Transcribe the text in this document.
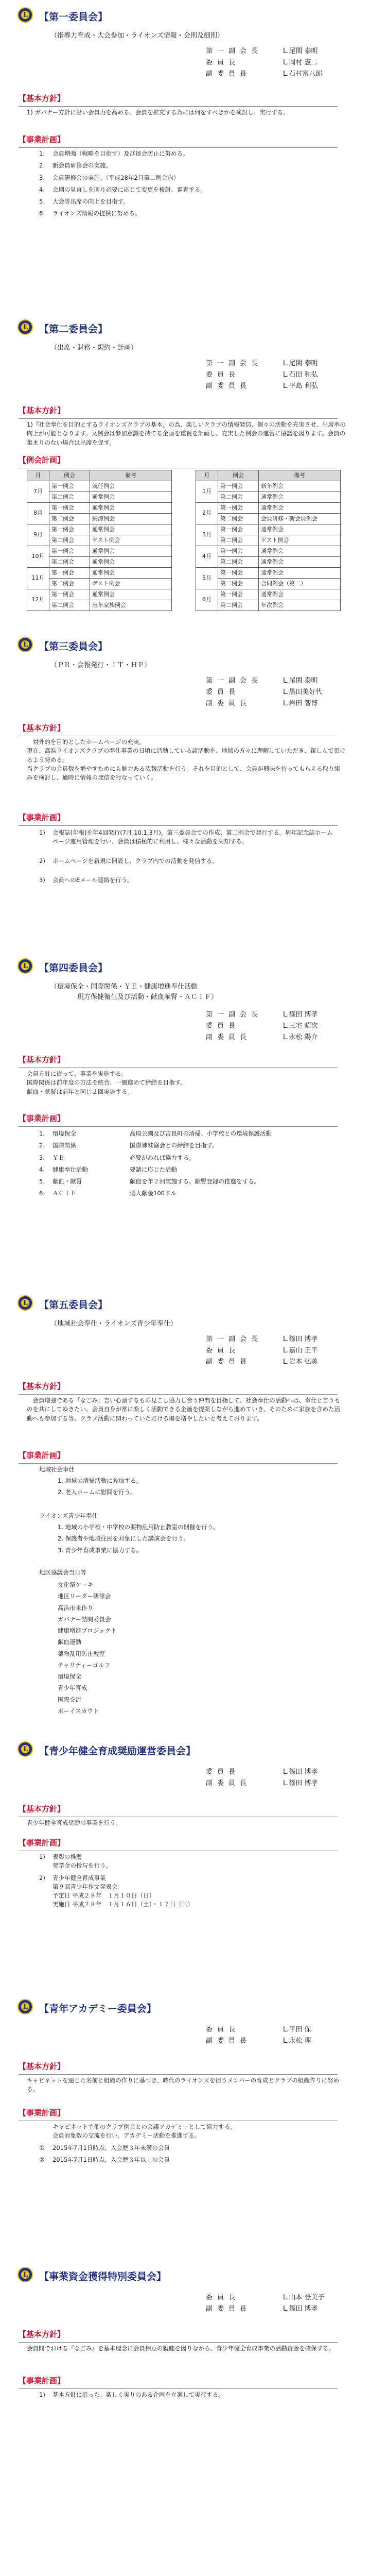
L
【第一委員会】
（指導力育成・大会参加・ライオンズ情報・会則及細則）
第一副会長	L.尾関 泰明
委員長	L.岡村 憲二
副委員長	L.石村富八郎
【基本方針】
1) ガバナー方針に沿い会員力を高める、会員を拡充する為には何をすべきかを検討し、実行する。
【事業計画】
1.	会員増強（戦略を目指す）及び退会防止に努める。
2.	新会員研修会の実施。
3.	会員研修会の実施。（平成28年2月第二例会内）
4.	会則の見直しを図り必要に応じて変更を検討、審査する。
5.	大会等出席の向上を目指す。
6.	ライオンズ情報の提供に努める。
L
【第二委員会】
（出席・財務・規約・計画）
第一副会長	L.尾関 泰明
委員長	L.石田 和弘
副委員長	L.平島 利弘
【基本方針】
1)『社会奉仕を目的とするライオンズクラブの基本』の為、楽しいクラブの情報発信、個々の活動を充実させ、出席率の向上が可能となります。又例会は参加意識を持てる企画を重視を計画し、充実した例会の運営に協議を図ります。会員の集まりのない場合は出席を促す。
【例会計画】
月	例会	備考
7月	第一例会	就任例会
	第二例会	通常例会
8月	第一例会	通常例会
	第二例会	納涼例会
9月	第一例会	通常例会
	第二例会	ゲスト例会
10月	第一例会	通常例会
	第二例会	通常例会
11月	第一例会	通常例会
	第二例会	ゲスト例会
12月	第一例会	通常例会
	第二例会	忘年家族例会
月	例会	備考
1月	第一例会	新年例会
	第二例会	通常例会
2月	第一例会	通常例会
	第二例会	会員研修・新会員例会
3月	第一例会	通常例会
	第二例会	ゲスト例会
4月	第一例会	通常例会
	第二例会	通常例会
5月	第一例会	通常例会
	第二例会	合同例会（第二）
6月	第一例会	通常例会
	第二例会	年次例会
L
【第三委員会】
（ＰＲ・会報発行・ＩＴ・ＨＰ）
第一副会長	L.尾関 泰明
委員長	L.黒田美好代
副委員長	L.岩田 智博
【基本方針】
　対外的を目的としたホームページの充実。
現在、高浜ライオンズクラブの奉仕事業の日頃に活動している諸活動を、地域の方々に理解していただき、親しんで頂けるよう努める。
当クラブの会員数を増やすためにも魅力ある広報活動を行う。それを目的として、会員が興味を持ってもらえる取り組みを検討し、適時に情報の発信を行なっていく。
【事業計画】
1)	会報誌(年報)を年4回発行(7月,10,1,3月)。第三委員会での作成、第二例会で発行する。周年記念誌ホームページ運用管理を行い、会員は積極的に利用し、様々な活動を周知する。
2)	ホームページを新規に開設し、クラブ内での活動を発信する。
3)	会員へのEメール連絡を行う。
L
【第四委員会】
（環境保全・国際関係・ＹＥ・健康増進奉仕活動
　　　　現方保健衛生及び活動・献血献腎・ＡＣＩＦ）
第一副会長	L.篠田 博孝
委員長	L.三宅 昭次
副委員長	L.永松 陽介
【基本方針】
会員方針に従って、事業を実施する。
国際関係は前年度の方法を統合、一層進めて締結を目指す。
献血・献腎は前年と同じ２回実施する。
【事業計画】
1.	環境保全	高取公園及び吉良町の清掃、小学校との環境保護活動
2.	国際関係	国際姉妹協会との締結を目指す。
3.	ＹＥ	必要があれば協力する。
4.	健康奉仕活動	要請に応じた活動
5.	献血・献腎	献血を年２回実施する。献腎登録の推進をする。
6.	ＡＣＩＦ	個人献金100ドル
L
【第五委員会】
（地域社会奉仕・ライオンズ青少年奉仕）
第一副会長	L.篠田 博孝
委員長	L.嘉山 正平
副委員長	L.岩本 弘美
【基本方針】
　会員増強である『なごみ』言い心頭するもの見こし協力し合う仲間を目指して、社会奉仕の活動へは、奉仕と言うものを共にしてゆきたい。会員自身が常に楽しく活動できる企画を提案しながら進めていき、そのために家族を含めた活動へも参加する等、クラブ活動に関わっていただける場を増やしたいと考えております。
【事業計画】
地域社会奉仕
1. 地域の清掃活動に参加する。
2. 老人ホームに慰問を行う。
ライオンズ青少年奉仕
1. 地域の小学校・中学校の薬物乱用防止教室の開催を行う。
2. 保護者や地域住民を対象にした講演会を行う。
3. 青少年育成事業に協力する。
地区協議会当日等
文化祭ケーキ
地区リーダー研修会
高浜市米作り
ガバナー諮問委員会
健康増進プロジェクト
献血運動
薬物乱用防止教室
チャリティーゴルフ
環境保全
青少年育成
国際交流
ポーイスカウト
L
【青少年健全育成奨励運営委員会】
委員長	L.篠田 博孝
副委員長	L.篠田 博孝
【基本方針】
青少年健全育成奨励の事業を行う。
【事業計画】
1)	表彰の推薦
奨学金の授与を行う。
2)	青少年健全育成事業
第９回青少年作文発表会
予定日 平成２８年　１月１０日（日）
実施日 平成２８年　１月１６日（土）・１７日（日）
L
【青年アカデミー委員会】
委員長	L.平田 保
副委員長	L.永松 理
【基本方針】
キャビネットを通じた名前と組織の作りに基づき、時代のライオンズを担うメンバーの育成とクラブの組織作りに努める。
【事業計画】
キャビネット主催のクラブ例会との会議アカデミーとして協力する。
会員対象数の交流を行い、アカデミー活動を推進する。
①	2015年7月1日時点、入会歴３年未満の会員
②	2015年7月1日時点、入会歴３年以上の会員
L
【事業資金獲得特別委員会】
委員長	L.山本 登美子
副委員長	L.篠田 博孝
【基本方針】
会員間でおける『なごみ』を基本理念に会員相互の親睦を図りながら、青少年健全育成事業の活動資金を確保する。
【事業計画】
1)	基本方針に沿った、楽しく実りのある企画を立案して実行する。
